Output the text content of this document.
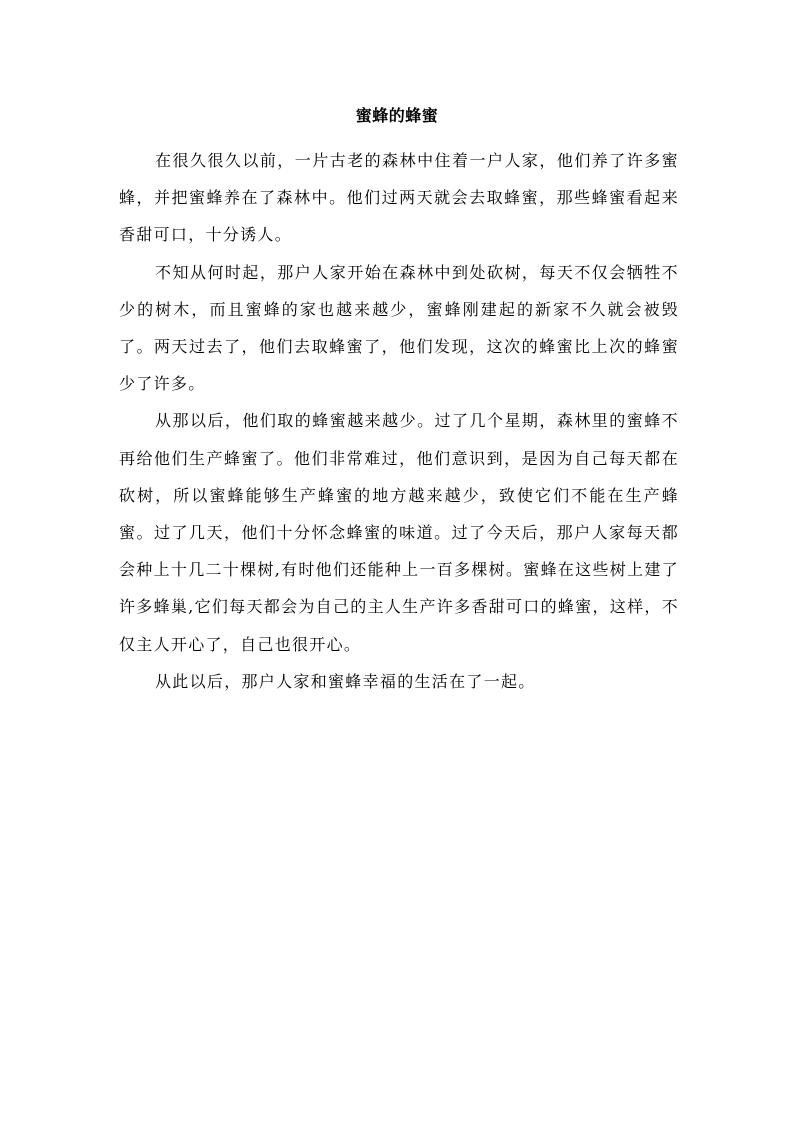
蜜蜂的蜂蜜

在很久很久以前，一片古老的森林中住着一户人家，他们养了许多蜜蜂，并把蜜蜂养在了森林中。他们过两天就会去取蜂蜜，那些蜂蜜看起来香甜可口，十分诱人。

不知从何时起，那户人家开始在森林中到处砍树，每天不仅会牺牲不少的树木，而且蜜蜂的家也越来越少，蜜蜂刚建起的新家不久就会被毁了。两天过去了，他们去取蜂蜜了，他们发现，这次的蜂蜜比上次的蜂蜜少了许多。

从那以后，他们取的蜂蜜越来越少。过了几个星期，森林里的蜜蜂不再给他们生产蜂蜜了。他们非常难过，他们意识到，是因为自己每天都在砍树，所以蜜蜂能够生产蜂蜜的地方越来越少，致使它们不能在生产蜂蜜。过了几天，他们十分怀念蜂蜜的味道。过了今天后，那户人家每天都会种上十几二十棵树,有时他们还能种上一百多棵树。蜜蜂在这些树上建了许多蜂巢,它们每天都会为自己的主人生产许多香甜可口的蜂蜜，这样，不仅主人开心了，自己也很开心。

从此以后，那户人家和蜜蜂幸福的生活在了一起。
